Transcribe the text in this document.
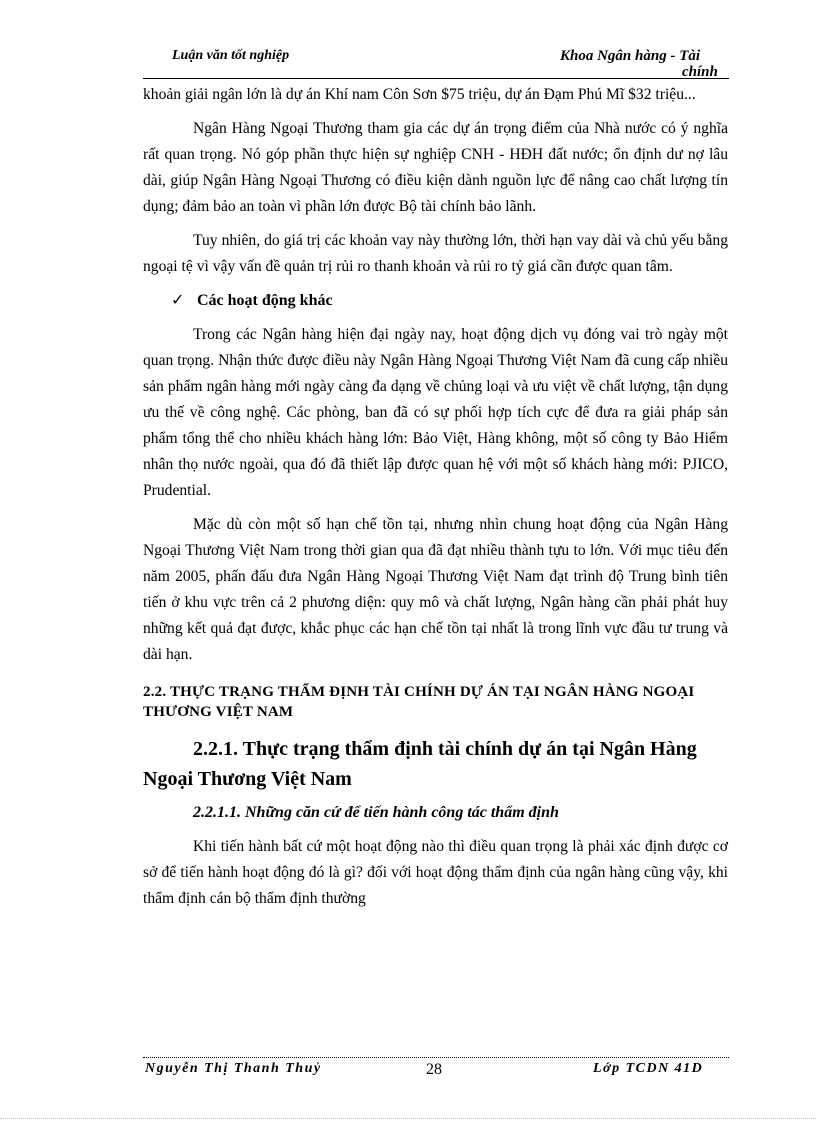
Luận văn tốt nghiệp	Khoa Ngân hàng - Tài
chính

khoản giải ngân lớn là dự án Khí nam Côn Sơn $75 triệu, dự án Đạm Phú Mĩ $32 triệu...

Ngân Hàng Ngoại Thương tham gia các dự án trọng điểm của Nhà nước có ý nghĩa rất quan trọng. Nó góp phần thực hiện sự nghiệp CNH - HĐH đất nước; ổn định dư nợ lâu dài, giúp Ngân Hàng Ngoại Thương có điều kiện dành nguồn lực để nâng cao chất lượng tín dụng; đảm bảo an toàn vì phần lớn được Bộ tài chính bảo lãnh.

Tuy nhiên, do giá trị các khoản vay này thường lớn, thời hạn vay dài và chủ yếu bằng ngoại tệ vì vậy vấn đề quản trị rủi ro thanh khoản và rủi ro tỷ giá cần được quan tâm.

✓ Các hoạt động khác

Trong các Ngân hàng hiện đại ngày nay, hoạt động dịch vụ đóng vai trò ngày một quan trọng. Nhận thức được điều này Ngân Hàng Ngoại Thương Việt Nam đã cung cấp nhiều sản phẩm ngân hàng mới ngày càng đa dạng về chủng loại và ưu việt về chất lượng, tận dụng ưu thế về công nghệ. Các phòng, ban đã có sự phối hợp tích cực để đưa ra giải pháp sản phẩm tổng thể cho nhiều khách hàng lớn: Bảo Việt, Hàng không, một số công ty Bảo Hiểm nhân thọ nước ngoài, qua đó đã thiết lập được quan hệ với một số khách hàng mới: PJICO, Prudential.

Mặc dù còn một số hạn chế tồn tại, nhưng nhìn chung hoạt động của Ngân Hàng Ngoại Thương Việt Nam trong thời gian qua đã đạt nhiều thành tựu to lớn. Với mục tiêu đến năm 2005, phấn đấu đưa Ngân Hàng Ngoại Thương Việt Nam đạt trình độ Trung bình tiên tiến ở khu vực trên cả 2 phương diện: quy mô và chất lượng, Ngân hàng cần phải phát huy những kết quả đạt được, khắc phục các hạn chế tồn tại nhất là trong lĩnh vực đầu tư trung và dài hạn.

2.2. THỰC TRẠNG THẨM ĐỊNH TÀI CHÍNH DỰ ÁN TẠI NGÂN HÀNG NGOẠI THƯƠNG VIỆT NAM
2.2.1. Thực trạng thẩm định tài chính dự án tại Ngân Hàng Ngoại Thương Việt Nam
2.2.1.1. Những căn cứ để tiến hành công tác thẩm định

Khi tiến hành bất cứ một hoạt động nào thì điều quan trọng là phải xác định được cơ sở để tiến hành hoạt động đó là gì? đối với hoạt động thẩm định của ngân hàng cũng vậy, khi thẩm định cán bộ thẩm định thường

Nguyễn Thị Thanh Thuỷ	28	Lớp TCDN 41D
